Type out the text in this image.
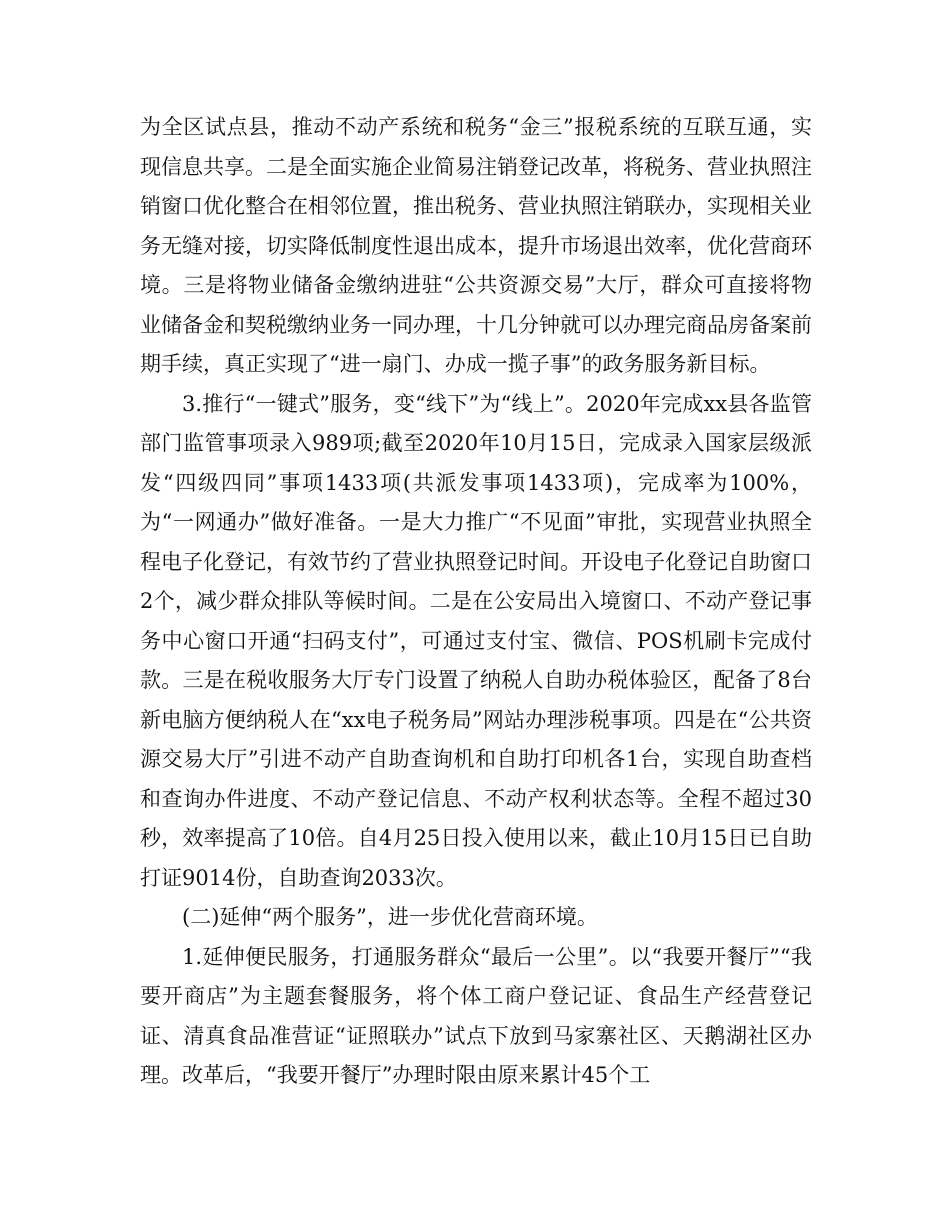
为全区试点县，推动不动产系统和税务“金三”报税系统的互联互通，实现信息共享。二是全面实施企业简易注销登记改革，将税务、营业执照注销窗口优化整合在相邻位置，推出税务、营业执照注销联办，实现相关业务无缝对接，切实降低制度性退出成本，提升市场退出效率，优化营商环境。三是将物业储备金缴纳进驻“公共资源交易”大厅，群众可直接将物业储备金和契税缴纳业务一同办理，十几分钟就可以办理完商品房备案前期手续，真正实现了“进一扇门、办成一揽子事”的政务服务新目标。

3.推行“一键式”服务，变“线下”为“线上”。2020年完成xx县各监管部门监管事项录入989项;截至2020年10月15日，完成录入国家层级派发“四级四同”事项1433项(共派发事项1433项)，完成率为100%，为“一网通办”做好准备。一是大力推广“不见面”审批，实现营业执照全程电子化登记，有效节约了营业执照登记时间。开设电子化登记自助窗口2个，减少群众排队等候时间。二是在公安局出入境窗口、不动产登记事务中心窗口开通“扫码支付”，可通过支付宝、微信、POS机刷卡完成付款。三是在税收服务大厅专门设置了纳税人自助办税体验区，配备了8台新电脑方便纳税人在“xx电子税务局”网站办理涉税事项。四是在“公共资源交易大厅”引进不动产自助查询机和自助打印机各1台，实现自助查档和查询办件进度、不动产登记信息、不动产权利状态等。全程不超过30秒，效率提高了10倍。自4月25日投入使用以来，截止10月15日已自助打证9014份，自助查询2033次。

(二)延伸“两个服务”，进一步优化营商环境。

1.延伸便民服务，打通服务群众“最后一公里”。以“我要开餐厅”“我要开商店”为主题套餐服务，将个体工商户登记证、食品生产经营登记证、清真食品准营证“证照联办”试点下放到马家寨社区、天鹅湖社区办理。改革后，“我要开餐厅”办理时限由原来累计45个工
